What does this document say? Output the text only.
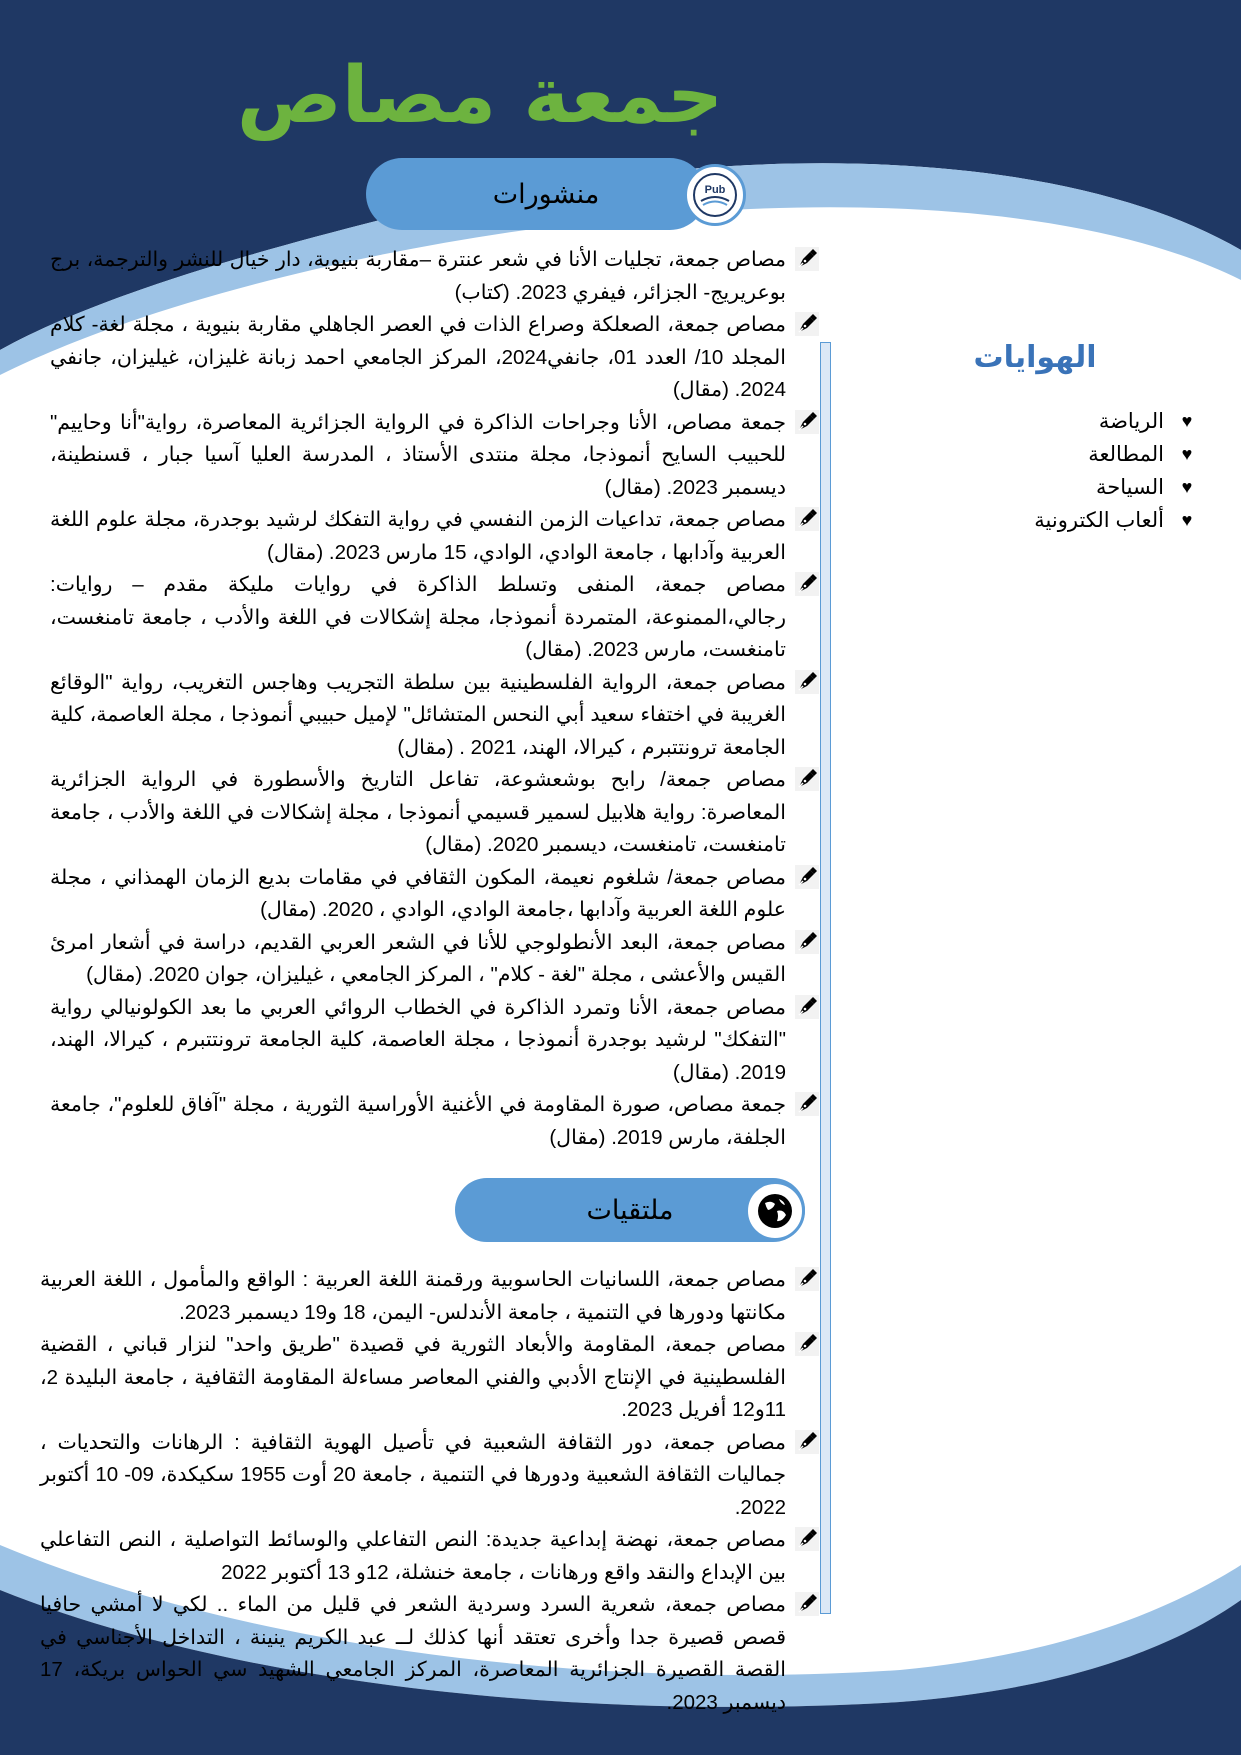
جمعة مصاص
منشورات	Pub
مصاص جمعة، تجليات الأنا في شعر عنترة –مقاربة بنيوية، دار خيال للنشر والترجمة، برج بوعريريج- الجزائر، فيفري 2023. (كتاب)
مصاص جمعة، الصعلكة وصراع الذات في العصر الجاهلي مقاربة بنيوية ، مجلة لغة- كلام المجلد 10/ العدد 01، جانفي2024، المركز الجامعي احمد زبانة غليزان، غيليزان، جانفي 2024. (مقال)
جمعة مصاص، الأنا وجراحات الذاكرة في الرواية الجزائرية المعاصرة، رواية"أنا وحاييم" للحبيب السايح أنموذجا، مجلة منتدى الأستاذ ، المدرسة العليا آسيا جبار ، قسنطينة، ديسمبر 2023. (مقال)
مصاص جمعة، تداعيات الزمن النفسي في رواية التفكك لرشيد بوجدرة، مجلة علوم اللغة العربية وآدابها ، جامعة الوادي، الوادي، 15 مارس 2023. (مقال)
مصاص جمعة، المنفى وتسلط الذاكرة في روايات مليكة مقدم – روايات: رجالي،الممنوعة، المتمردة أنموذجا، مجلة إشكالات في اللغة والأدب ، جامعة تامنغست، تامنغست، مارس 2023. (مقال)
مصاص جمعة، الرواية الفلسطينية بين سلطة التجريب وهاجس التغريب، رواية "الوقائع الغريبة في اختفاء سعيد أبي النحس المتشائل" لإميل حبيبي أنموذجا ، مجلة العاصمة، كلية الجامعة ترونتتبرم ، كيرالا، الهند، 2021 . (مقال)
مصاص جمعة/ رابح بوشعشوعة، تفاعل التاريخ والأسطورة في الرواية الجزائرية المعاصرة: رواية هلابيل لسمير قسيمي أنموذجا ، مجلة إشكالات في اللغة والأدب ، جامعة تامنغست، تامنغست، ديسمبر 2020. (مقال)
مصاص جمعة/ شلغوم نعيمة، المكون الثقافي في مقامات بديع الزمان الهمذاني ، مجلة علوم اللغة العربية وآدابها ،جامعة الوادي، الوادي ، 2020. (مقال)
مصاص جمعة، البعد الأنطولوجي للأنا في الشعر العربي القديم، دراسة في أشعار امرئ القيس والأعشى ، مجلة "لغة - كلام" ، المركز الجامعي ، غيليزان، جوان 2020. (مقال)
مصاص جمعة، الأنا وتمرد الذاكرة في الخطاب الروائي العربي ما بعد الكولونيالي رواية "التفكك" لرشيد بوجدرة أنموذجا ، مجلة العاصمة، كلية الجامعة ترونتتبرم ، كيرالا، الهند، 2019. (مقال)
جمعة مصاص، صورة المقاومة في الأغنية الأوراسية الثورية ، مجلة "آفاق للعلوم"، جامعة الجلفة، مارس 2019. (مقال)
ملتقيات
مصاص جمعة، اللسانيات الحاسوبية ورقمنة اللغة العربية : الواقع والمأمول ، اللغة العربية مكانتها ودورها في التنمية ، جامعة الأندلس- اليمن، 18 و19 ديسمبر 2023.
مصاص جمعة، المقاومة والأبعاد الثورية في قصيدة "طريق واحد" لنزار قباني ، القضية الفلسطينية في الإنتاج الأدبي والفني المعاصر مساءلة المقاومة الثقافية ، جامعة البليدة 2، 11و12 أفريل 2023.
مصاص جمعة، دور الثقافة الشعبية في تأصيل الهوية الثقافية : الرهانات والتحديات ، جماليات الثقافة الشعبية ودورها في التنمية ، جامعة 20 أوت 1955 سكيكدة، 09- 10 أكتوبر 2022.
مصاص جمعة، نهضة إبداعية جديدة: النص التفاعلي والوسائط التواصلية ، النص التفاعلي بين الإبداع والنقد واقع ورهانات ، جامعة خنشلة، 12و 13 أكتوبر 2022
مصاص جمعة، شعرية السرد وسردية الشعر في قليل من الماء .. لكي لا أمشي حافيا قصص قصيرة جدا وأخرى تعتقد أنها كذلك لــ عبد الكريم ينينة ، التداخل الأجناسي في القصة القصيرة الجزائرية المعاصرة، المركز الجامعي الشهيد سي الحواس بريكة، 17 ديسمبر 2023.
الهوايات
♥
الرياضة
♥
المطالعة
♥
السياحة
♥
ألعاب الكترونية
